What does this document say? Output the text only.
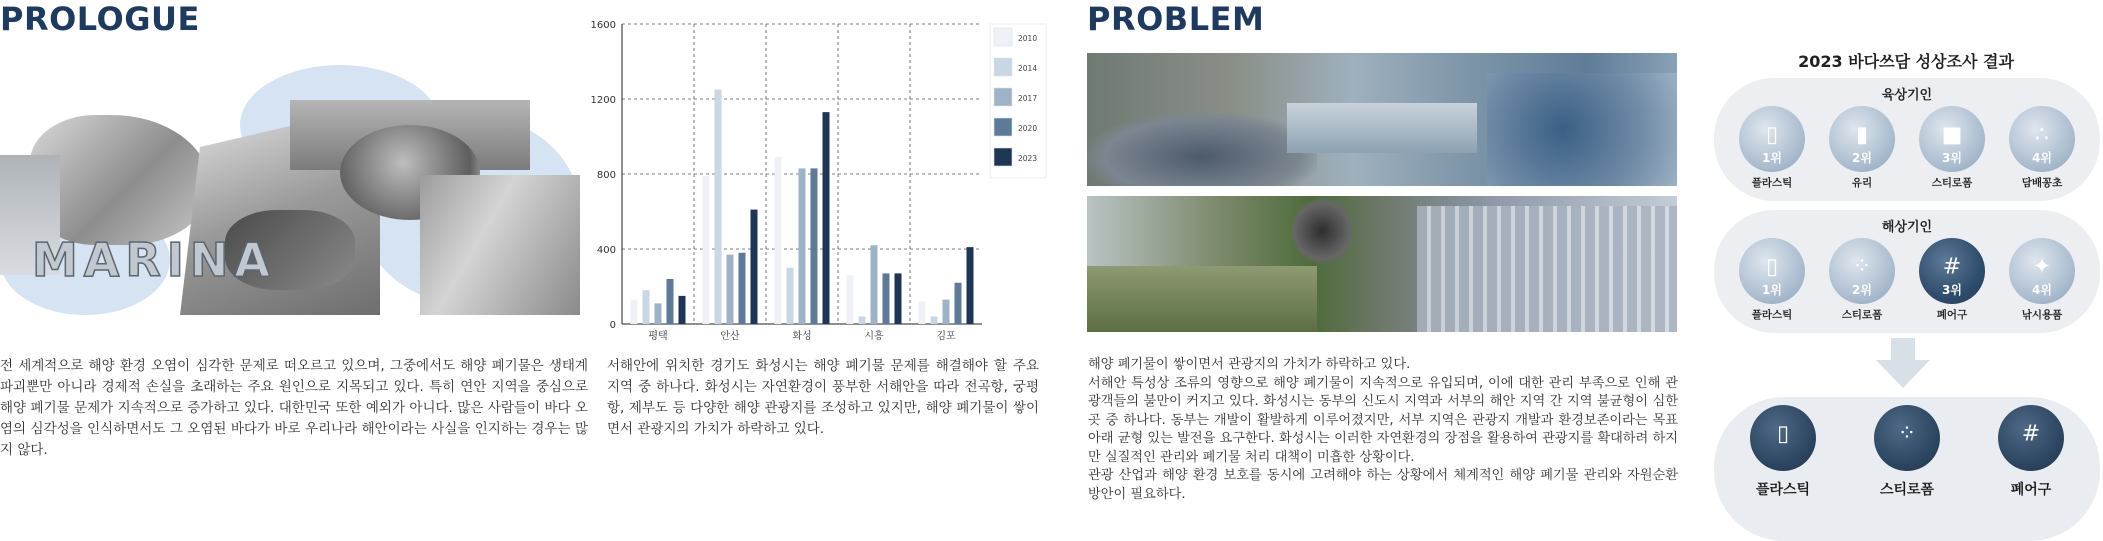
PROLOGUE
MARINA
전 세계적으로 해양 환경 오염이 심각한 문제로 떠오르고 있으며, 그중에서도 해양 폐기물은 생태계 파괴뿐만 아니라 경제적 손실을 초래하는 주요 원인으로 지목되고 있다. 특히 연안 지역을 중심으로 해양 폐기물 문제가 지속적으로 증가하고 있다. 대한민국 또한 예외가 아니다. 많은 사람들이 바다 오염의 심각성을 인식하면서도 그 오염된 바다가 바로 우리나라 해안이라는 사실을 인지하는 경우는 많지 않다.
0
400
800
1200
1600
평택	안산	화성	시흥	김포
2010
2014
2017
2020
2023
서해안에 위치한 경기도 화성시는 해양 폐기물 문제를 해결해야 할 주요 지역 중 하나다. 화성시는 자연환경이 풍부한 서해안을 따라 전곡항, 궁평항, 제부도 등 다양한 해양 관광지를 조성하고 있지만, 해양 폐기물이 쌓이면서 관광지의 가치가 하락하고 있다.
PROBLEM
해양 폐기물이 쌓이면서 관광지의 가치가 하락하고 있다.
서해안 특성상 조류의 영향으로 해양 폐기물이 지속적으로 유입되며, 이에 대한 관리 부족으로 인해 관광객들의 불만이 커지고 있다. 화성시는 동부의 신도시 지역과 서부의 해안 지역 간 지역 불균형이 심한 곳 중 하나다. 동부는 개발이 활발하게 이루어졌지만, 서부 지역은 관광지 개발과 환경보존이라는 목표 아래 균형 있는 발전을 요구한다. 화성시는 이러한 자연환경의 장점을 활용하여 관광지를 확대하려 하지만 실질적인 관리와 폐기물 처리 대책이 미흡한 상황이다.
관광 산업과 해양 환경 보호를 동시에 고려해야 하는 상황에서 체계적인 해양 폐기물 관리와 자원순환 방안이 필요하다.
2023 바다쓰담 성상조사 결과
육상기인
▯
1위
플라스틱
▮
2위
유리
■
3위
스티로폼
∴
4위
담배꽁초
해상기인
▯
1위
플라스틱
⁘
2위
스티로폼
#
3위
폐어구
✦
4위
낚시용품
▯
플라스틱
⁘
스티로폼
#
폐어구
